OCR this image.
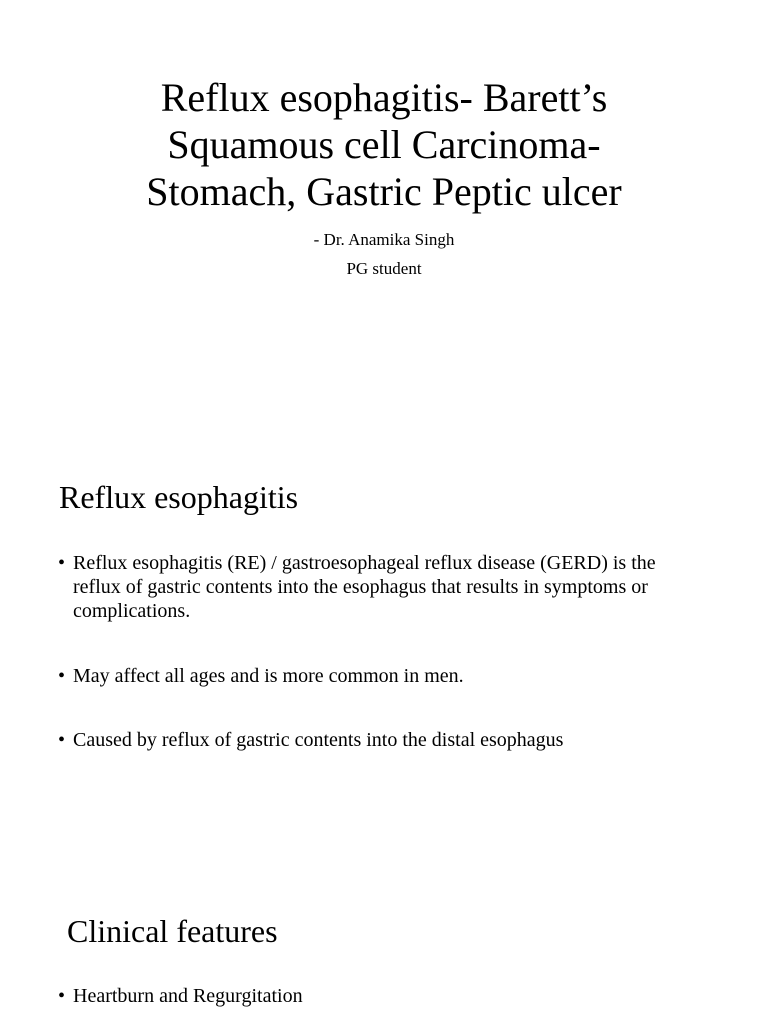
Reflux esophagitis- Barett’s
Squamous cell Carcinoma-
Stomach, Gastric Peptic ulcer

- Dr. Anamika Singh

PG student

Reflux esophagitis
• Reflux esophagitis (RE) / gastroesophageal reflux disease (GERD) is the reflux of gastric contents into the esophagus that results in symptoms or complications.
• May affect all ages and is more common in men.
• Caused by reflux of gastric contents into the distal esophagus
Clinical features
• Heartburn and Regurgitation
